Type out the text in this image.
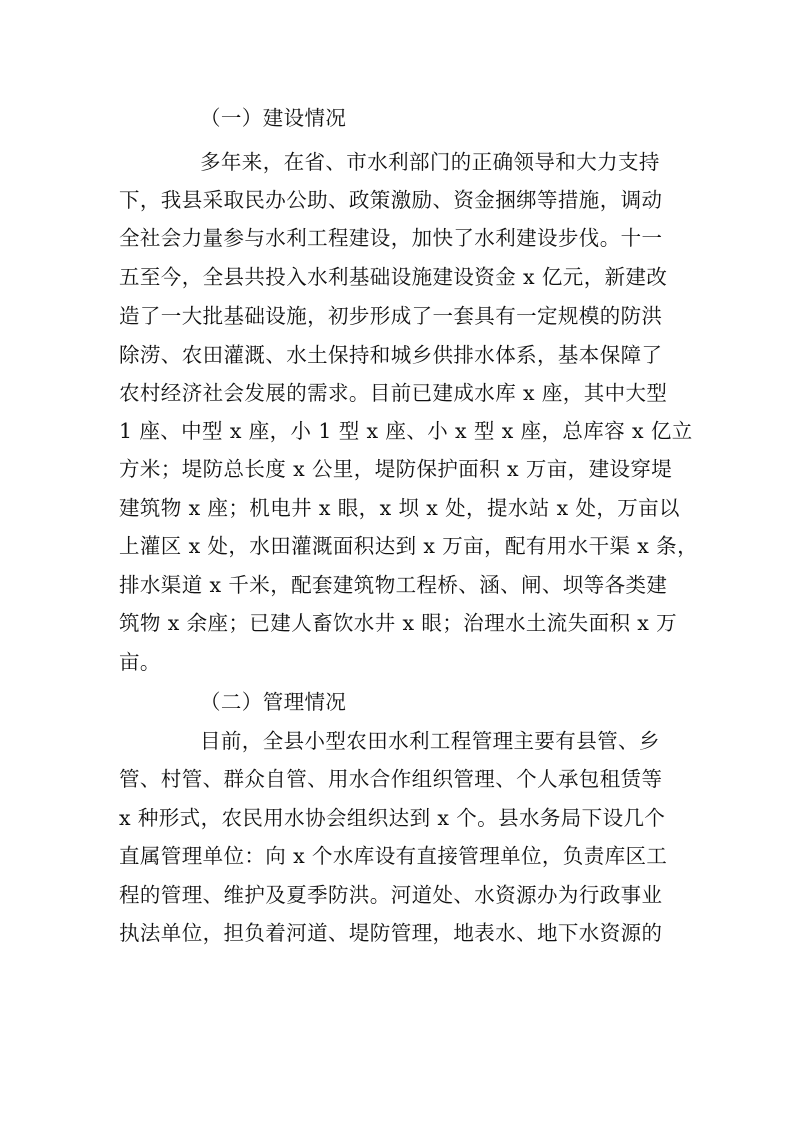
（一）建设情况
多年来，在省、市水利部门的正确领导和大力支持
下，我县采取民办公助、政策激励、资金捆绑等措施，调动
全社会力量参与水利工程建设，加快了水利建设步伐。十一
五至今，全县共投入水利基础设施建设资金 x 亿元，新建改
造了一大批基础设施，初步形成了一套具有一定规模的防洪
除涝、农田灌溉、水土保持和城乡供排水体系，基本保障了
农村经济社会发展的需求。目前已建成水库 x 座，其中大型
1 座、中型 x 座，小 1 型 x 座、小 x 型 x 座，总库容 x 亿立
方米；堤防总长度 x 公里，堤防保护面积 x 万亩，建设穿堤
建筑物 x 座；机电井 x 眼，x 坝 x 处，提水站 x 处，万亩以
上灌区 x 处，水田灌溉面积达到 x 万亩，配有用水干渠 x 条，
排水渠道 x 千米，配套建筑物工程桥、涵、闸、坝等各类建
筑物 x 余座；已建人畜饮水井 x 眼；治理水土流失面积 x 万
亩。
（二）管理情况
目前，全县小型农田水利工程管理主要有县管、乡
管、村管、群众自管、用水合作组织管理、个人承包租赁等
x 种形式，农民用水协会组织达到 x 个。县水务局下设几个
直属管理单位：向 x 个水库设有直接管理单位，负责库区工
程的管理、维护及夏季防洪。河道处、水资源办为行政事业
执法单位，担负着河道、堤防管理，地表水、地下水资源的
